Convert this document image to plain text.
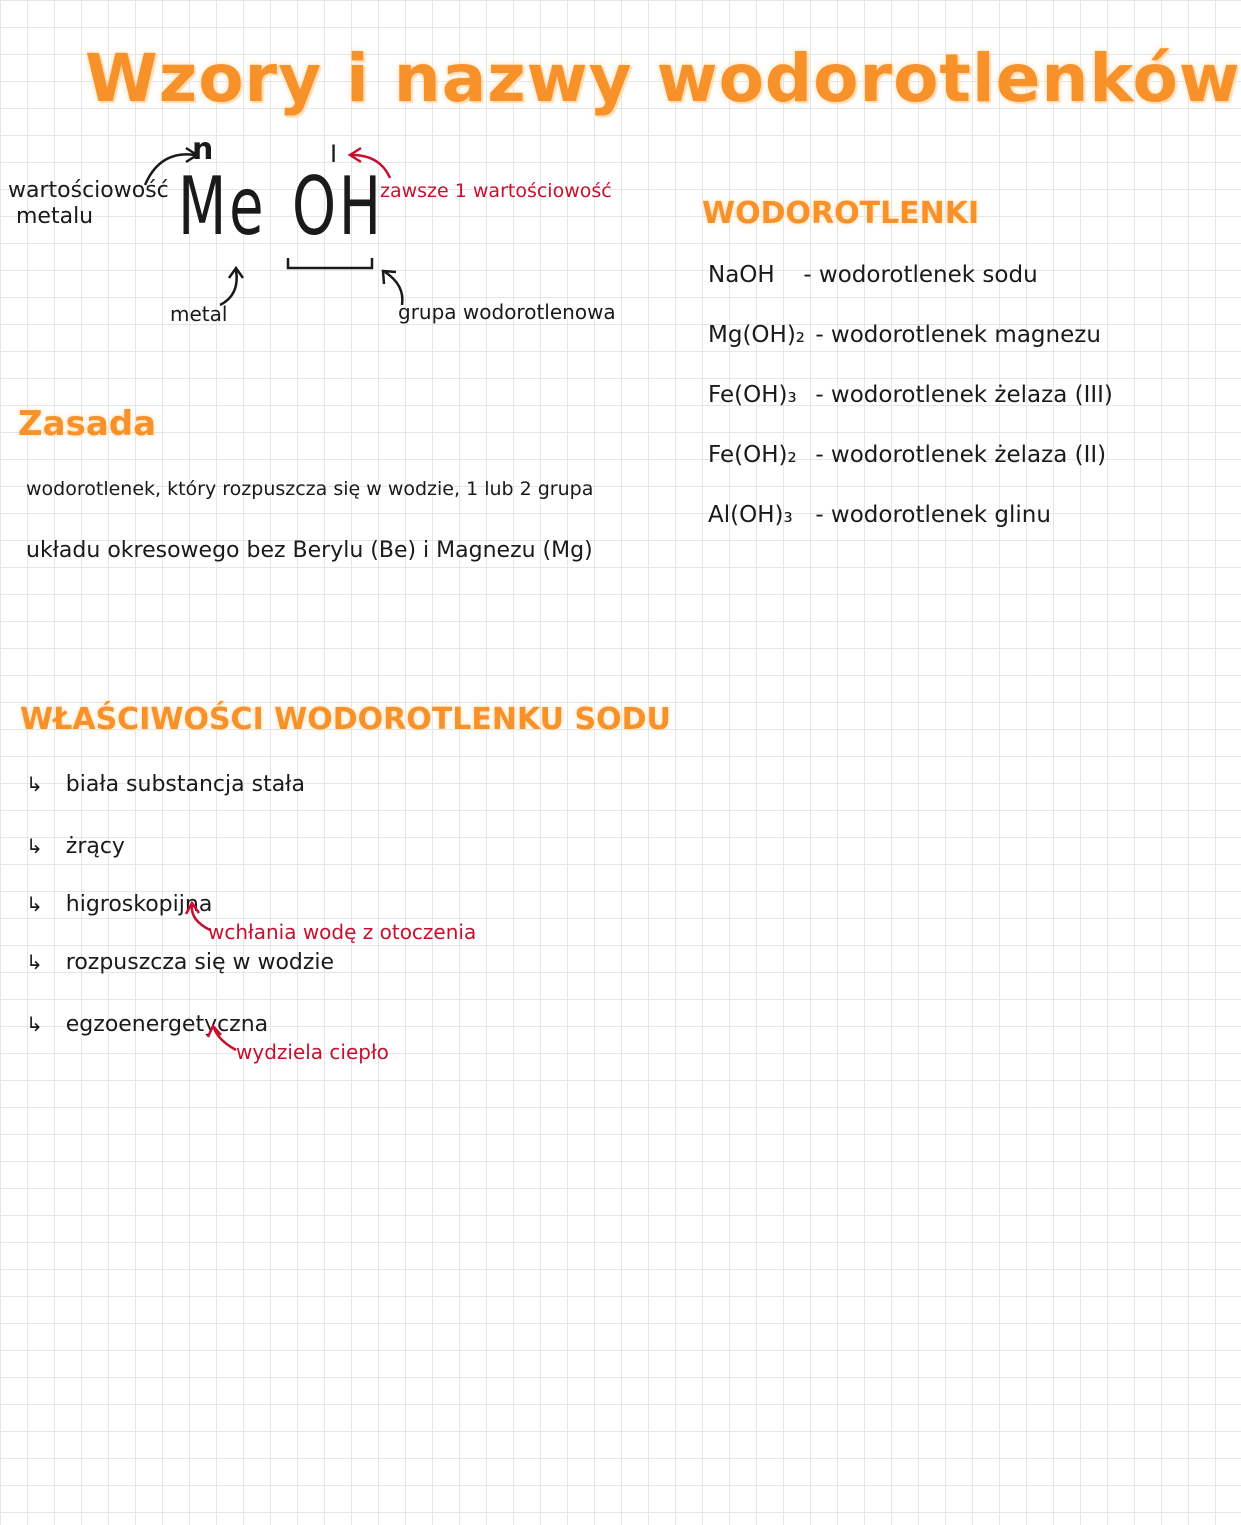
Wzory i nazwy wodorotlenków
wartościowość
metalu
n	I
Me OH
zawsze 1 wartościowość
metal	grupa wodorotlenowa
Zasada
wodorotlenek, który rozpuszcza się w wodzie, 1 lub 2 grupa
układu okresowego bez Berylu (Be) i Magnezu (Mg)
WODOROTLENKI
NaOH - wodorotlenek sodu
Mg(OH)₂ - wodorotlenek magnezu
Fe(OH)₃ - wodorotlenek żelaza (III)
Fe(OH)₂ - wodorotlenek żelaza (II)
Al(OH)₃ - wodorotlenek glinu
WŁAŚCIWOŚCI WODOROTLENKU SODU
↳ biała substancja stała
↳ żrący
↳ higroskopijna
↳ rozpuszcza się w wodzie
↳ egzoenergetyczna
wchłania wodę z otoczenia
wydziela ciepło
